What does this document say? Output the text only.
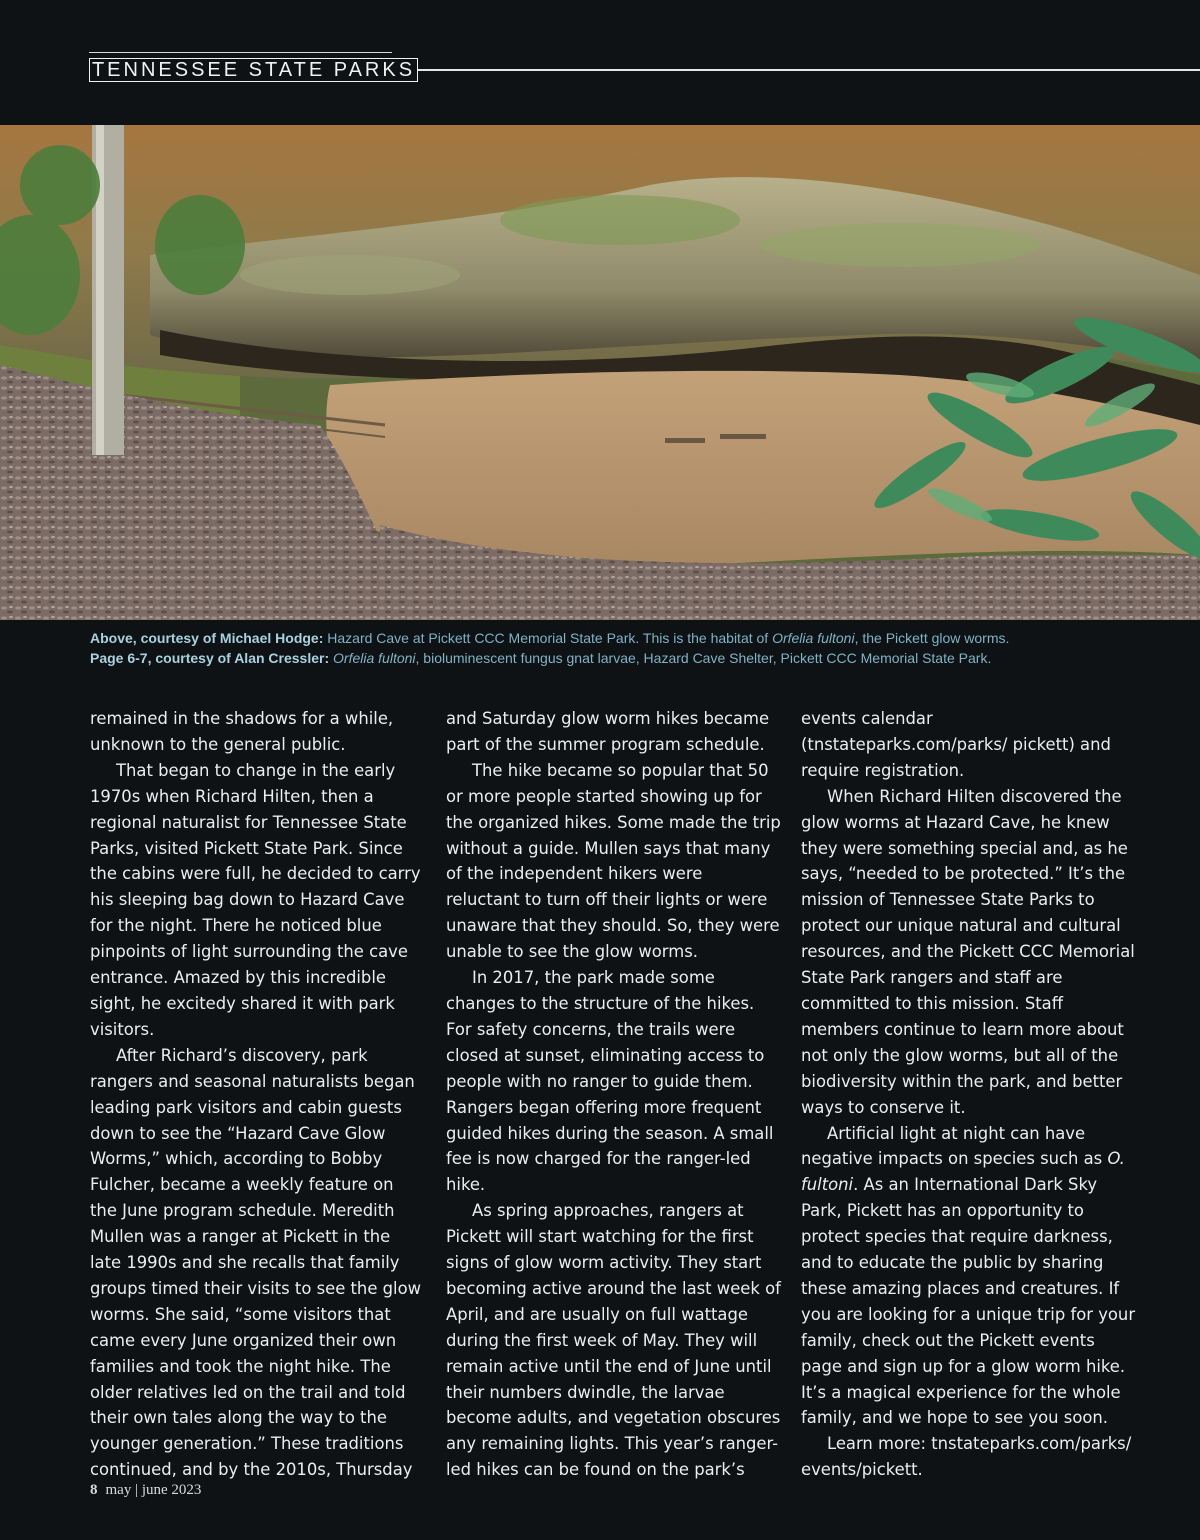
TENNESSEE STATE PARKS

Above, courtesy of Michael Hodge: Hazard Cave at Pickett CCC Memorial State Park. This is the habitat of Orfelia fultoni, the Pickett glow worms.

Page 6-7, courtesy of Alan Cressler: Orfelia fultoni, bioluminescent fungus gnat larvae, Hazard Cave Shelter, Pickett CCC Memorial State Park.

remained in the shadows for a while, unknown to the general public.

That began to change in the early 1970s when Richard Hilten, then a regional naturalist for Tennessee State Parks, visited Pickett State Park. Since the cabins were full, he decided to carry his sleeping bag down to Hazard Cave for the night. There he noticed blue pinpoints of light surrounding the cave entrance. Amazed by this incredible sight, he excitedy shared it with park visitors.

After Richard’s discovery, park rangers and seasonal naturalists began leading park visitors and cabin guests down to see the “Hazard Cave Glow Worms,” which, according to Bobby Fulcher, became a weekly feature on the June program schedule. Meredith Mullen was a ranger at Pickett in the late 1990s and she recalls that family groups timed their visits to see the glow worms. She said, “some visitors that came every June organized their own families and took the night hike. The older relatives led on the trail and told their own tales along the way to the younger generation.” These traditions continued, and by the 2010s, Thursday

and Saturday glow worm hikes became part of the summer program schedule.

The hike became so popular that 50 or more people started showing up for the organized hikes. Some made the trip without a guide. Mullen says that many of the independent hikers were reluctant to turn off their lights or were unaware that they should. So, they were unable to see the glow worms.

In 2017, the park made some changes to the structure of the hikes. For safety concerns, the trails were closed at sunset, eliminating access to people with no ranger to guide them. Rangers began offering more frequent guided hikes during the season. A small fee is now charged for the ranger-led hike.

As spring approaches, rangers at Pickett will start watching for the first signs of glow worm activity. They start becoming active around the last week of April, and are usually on full wattage during the first week of May. They will remain active until the end of June until their numbers dwindle, the larvae become adults, and vegetation obscures any remaining lights. This year’s ranger-led hikes can be found on the park’s

events calendar (tnstateparks.com/parks/ pickett) and require registration.

When Richard Hilten discovered the glow worms at Hazard Cave, he knew they were something special and, as he says, “needed to be protected.” It’s the mission of Tennessee State Parks to protect our unique natural and cultural resources, and the Pickett CCC Memorial State Park rangers and staff are committed to this mission. Staff members continue to learn more about not only the glow worms, but all of the biodiversity within the park, and better ways to conserve it.

Artificial light at night can have negative impacts on species such as O. fultoni. As an International Dark Sky Park, Pickett has an opportunity to protect species that require darkness, and to educate the public by sharing these amazing places and creatures. If you are looking for a unique trip for your family, check out the Pickett events page and sign up for a glow worm hike. It’s a magical experience for the whole family, and we hope to see you soon.

Learn more: tnstateparks.com/parks/ events/pickett.

8 may | june 2023
